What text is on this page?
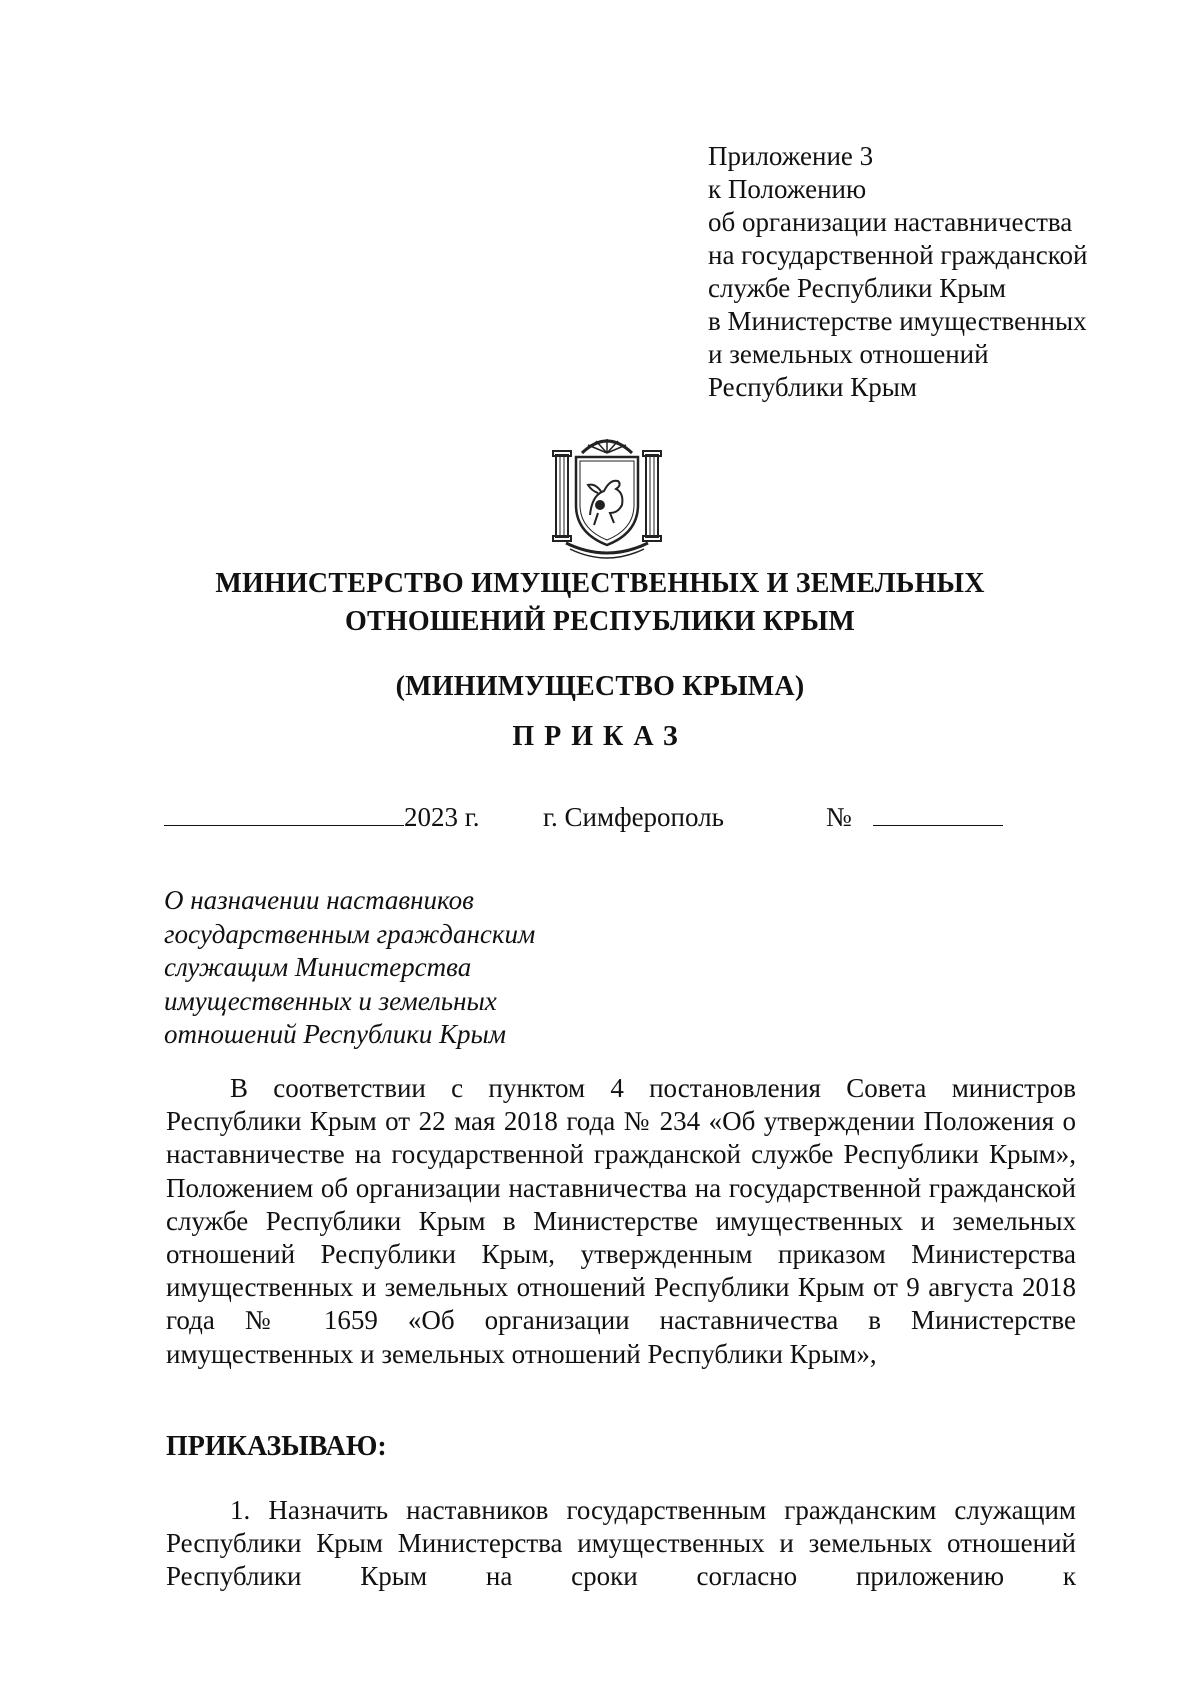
Приложение 3
к Положению
об организации наставничества
на государственной гражданской
службе Республики Крым
в Министерстве имущественных
и земельных отношений
Республики Крым
МИНИСТЕРСТВО ИМУЩЕСТВЕННЫХ И ЗЕМЕЛЬНЫХ
ОТНОШЕНИЙ РЕСПУБЛИКИ КРЫМ
(МИНИМУЩЕСТВО КРЫМА)
ПРИКАЗ
2023 г. г. Симферополь	№
О назначении наставников
государственным гражданским
служащим Министерства
имущественных и земельных
отношений Республики Крым
В соответствии с пунктом 4 постановления Совета министров Республики Крым от 22 мая 2018 года № 234 «Об утверждении Положения о наставничестве на государственной гражданской службе Республики Крым», Положением об организации наставничества на государственной гражданской службе Республики Крым в Министерстве имущественных и земельных отношений Республики Крым, утвержденным приказом Министерства имущественных и земельных отношений Республики Крым от 9 августа 2018 года № 1659 «Об организации наставничества в Министерстве имущественных и земельных отношений Республики Крым»,
ПРИКАЗЫВАЮ:
1. Назначить наставников государственным гражданским служащим Республики Крым Министерства имущественных и земельных отношений Республики Крым на сроки согласно приложению к
